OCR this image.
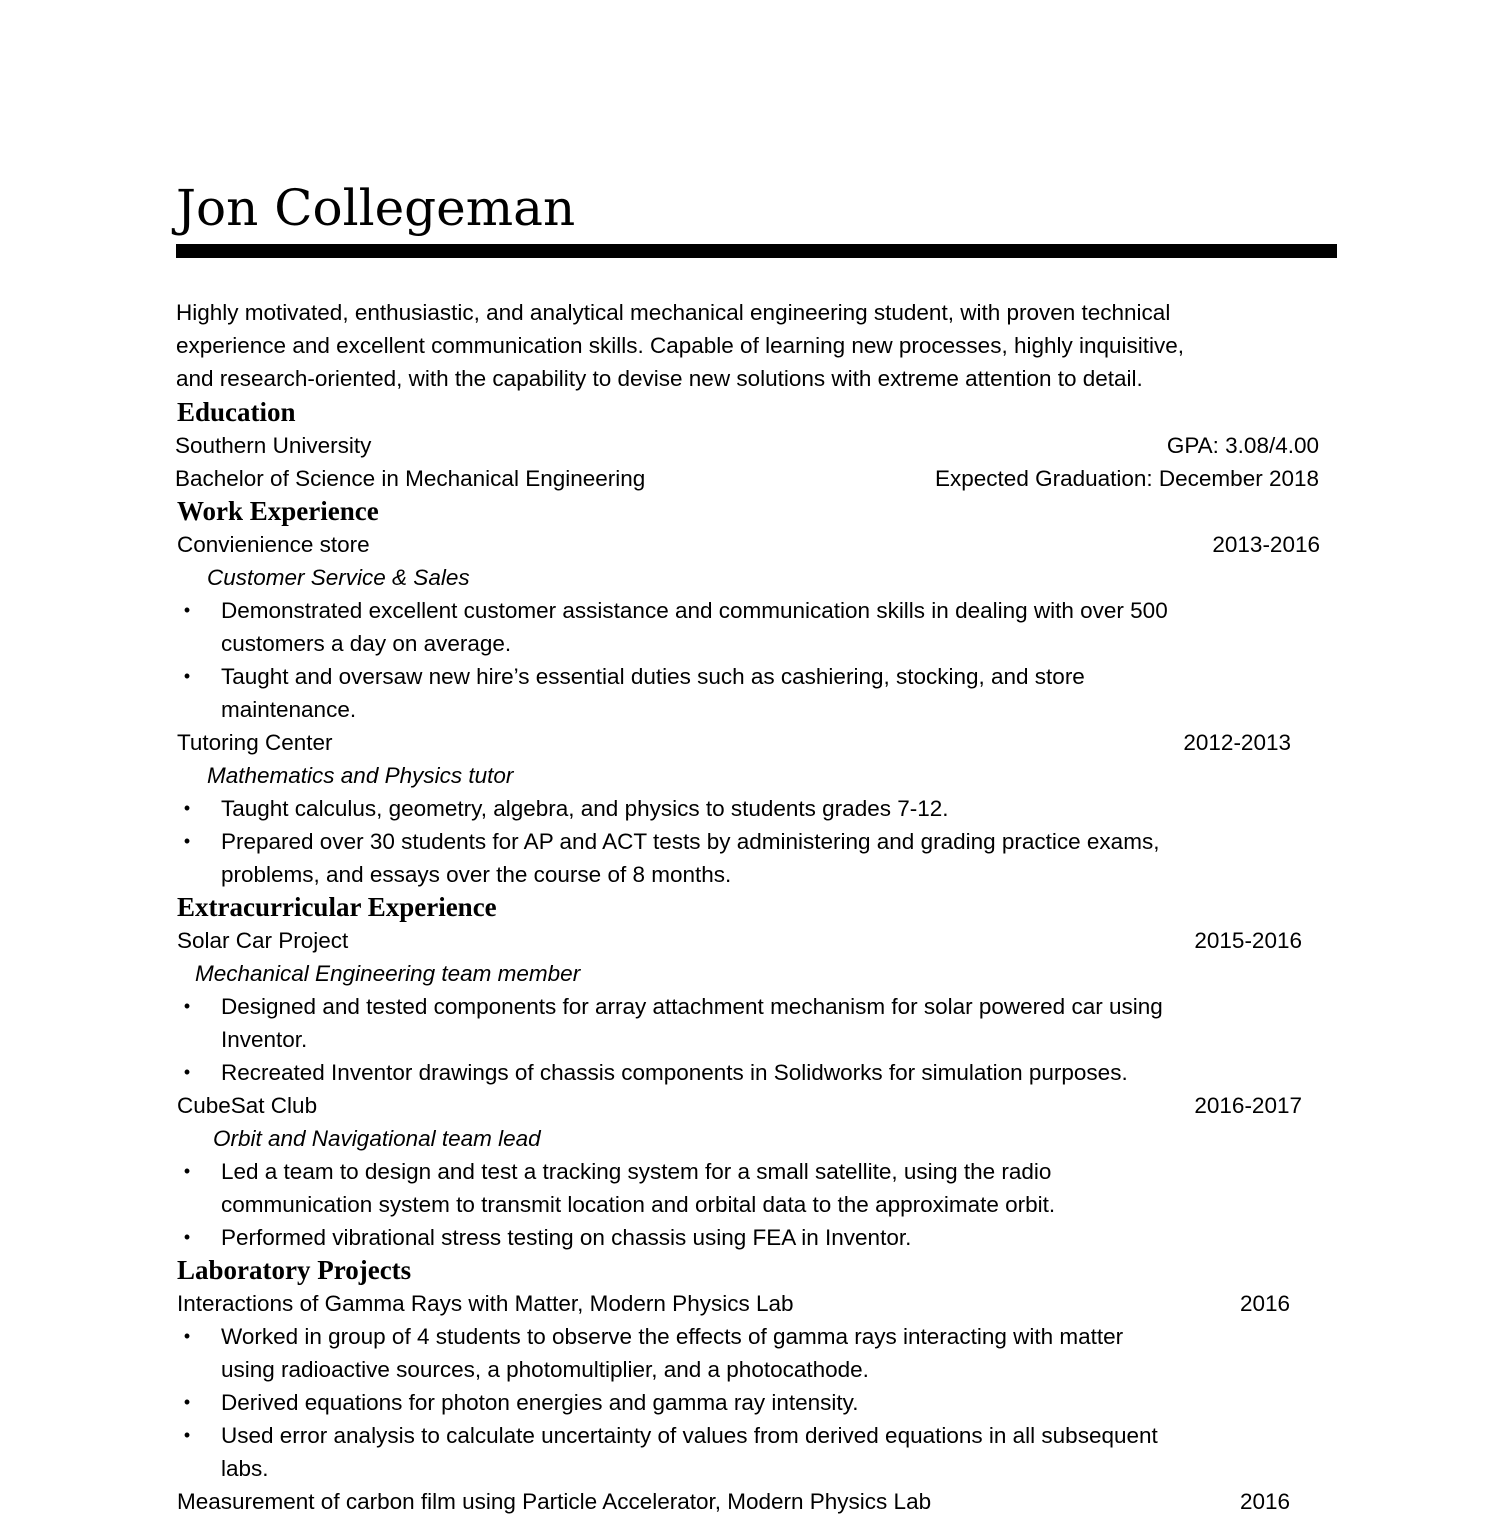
Jon Collegeman
Highly motivated, enthusiastic, and analytical mechanical engineering student, with proven technical
experience and excellent communication skills. Capable of learning new processes, highly inquisitive,
and research-oriented, with the capability to devise new solutions with extreme attention to detail.
Education
Southern University	GPA: 3.08/4.00
Bachelor of Science in Mechanical Engineering	Expected Graduation: December 2018
Work Experience
Convienience store	2013-2016
Customer Service & Sales
•	Demonstrated excellent customer assistance and communication skills in dealing with over 500
customers a day on average.
•	Taught and oversaw new hire’s essential duties such as cashiering, stocking, and store
maintenance.
Tutoring Center	2012-2013
Mathematics and Physics tutor
•	Taught calculus, geometry, algebra, and physics to students grades 7-12.
•	Prepared over 30 students for AP and ACT tests by administering and grading practice exams,
problems, and essays over the course of 8 months.
Extracurricular Experience
Solar Car Project	2015-2016
Mechanical Engineering team member
•	Designed and tested components for array attachment mechanism for solar powered car using
Inventor.
•	Recreated Inventor drawings of chassis components in Solidworks for simulation purposes.
CubeSat Club	2016-2017
Orbit and Navigational team lead
•	Led a team to design and test a tracking system for a small satellite, using the radio
communication system to transmit location and orbital data to the approximate orbit.
•	Performed vibrational stress testing on chassis using FEA in Inventor.
Laboratory Projects
Interactions of Gamma Rays with Matter, Modern Physics Lab	2016
•	Worked in group of 4 students to observe the effects of gamma rays interacting with matter
using radioactive sources, a photomultiplier, and a photocathode.
•	Derived equations for photon energies and gamma ray intensity.
•	Used error analysis to calculate uncertainty of values from derived equations in all subsequent
labs.
Measurement of carbon film using Particle Accelerator, Modern Physics Lab	2016
